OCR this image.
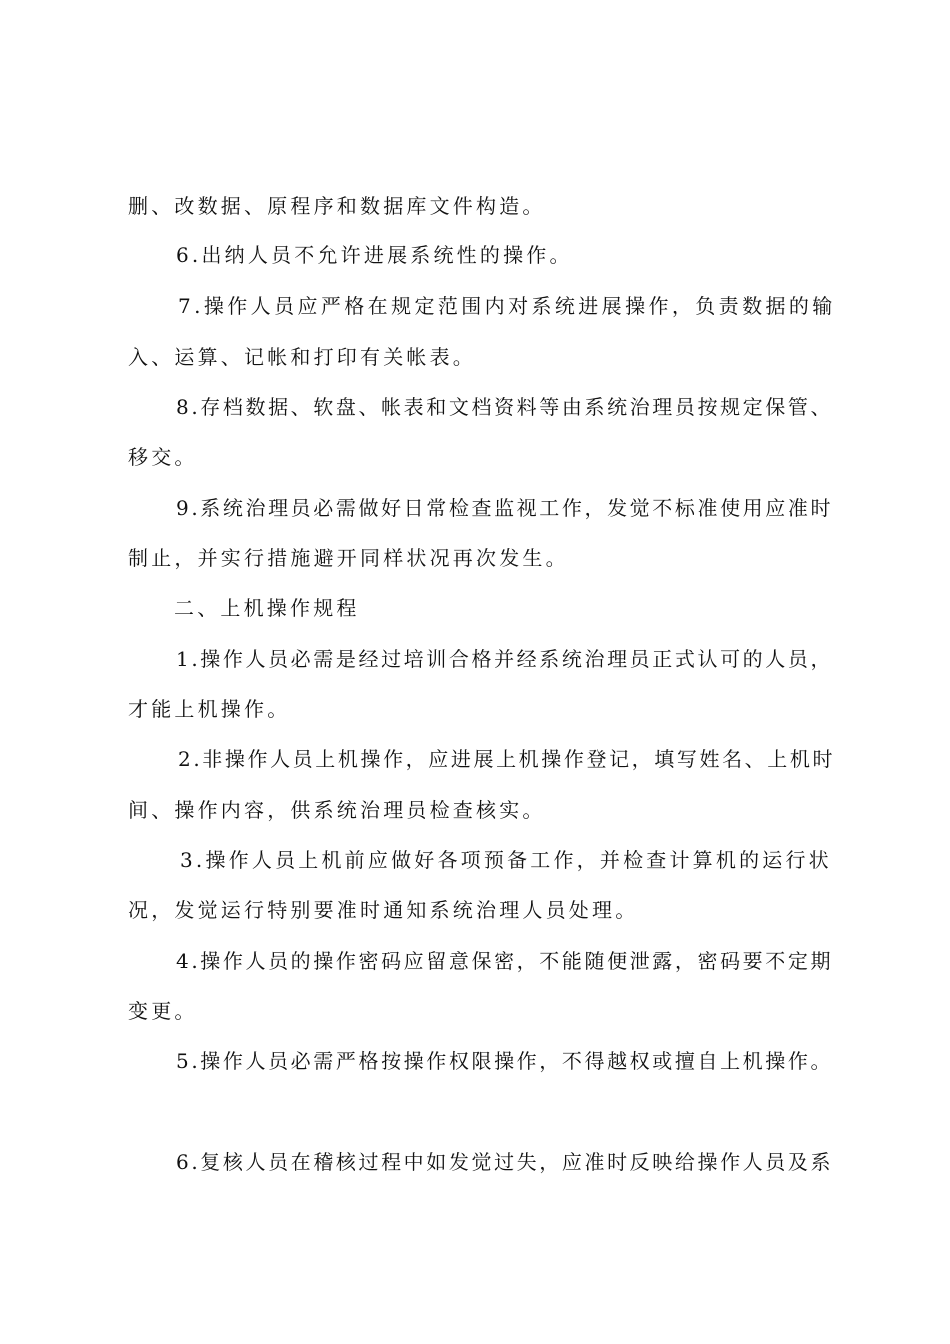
删、改数据、原程序和数据库文件构造。
6.出纳人员不允许进展系统性的操作。
7.操作人员应严格在规定范围内对系统进展操作，负责数据的输
入、运算、记帐和打印有关帐表。
8.存档数据、软盘、帐表和文档资料等由系统治理员按规定保管、
移交。
9.系统治理员必需做好日常检查监视工作，发觉不标准使用应准时
制止，并实行措施避开同样状况再次发生。
二、上机操作规程
1.操作人员必需是经过培训合格并经系统治理员正式认可的人员，
才能上机操作。
2.非操作人员上机操作，应进展上机操作登记，填写姓名、上机时
间、操作内容，供系统治理员检查核实。
3.操作人员上机前应做好各项预备工作，并检查计算机的运行状
况，发觉运行特别要准时通知系统治理人员处理。
4.操作人员的操作密码应留意保密，不能随便泄露，密码要不定期
变更。
5.操作人员必需严格按操作权限操作，不得越权或擅自上机操作。
6.复核人员在稽核过程中如发觉过失，应准时反映给操作人员及系
